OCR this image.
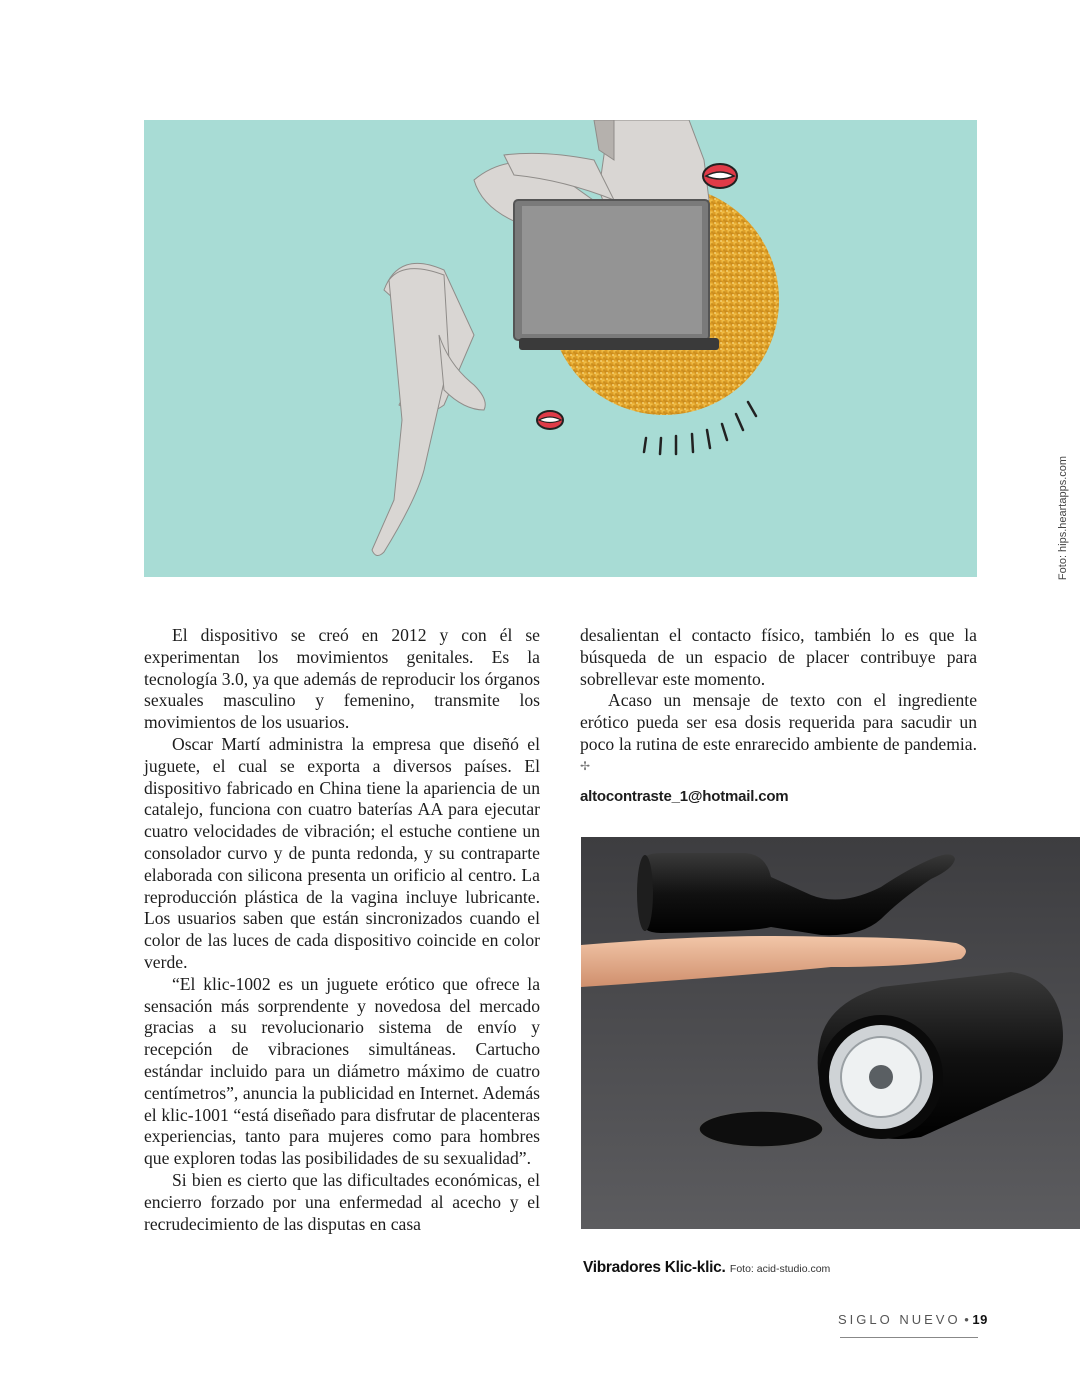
Foto: hips.heartapps.com

El dispositivo se creó en 2012 y con él se experimentan los movimientos genitales. Es la tecnología 3.0, ya que además de reproducir los órganos sexuales masculino y femenino, transmite los movimientos de los usuarios.

Oscar Martí administra la empresa que diseñó el juguete, el cual se exporta a diversos países. El dispositivo fabricado en China tiene la apariencia de un catalejo, funciona con cuatro baterías AA para ejecutar cuatro velocidades de vibración; el estuche contiene un consolador curvo y de punta redonda, y su contraparte elaborada con silicona presenta un orificio al centro. La reproducción plástica de la vagina incluye lubricante. Los usuarios saben que están sincronizados cuando el color de las luces de cada dispositivo coincide en color verde.

“El klic-1002 es un juguete erótico que ofrece la sensación más sorprendente y novedosa del mercado gracias a su revolucionario sistema de envío y recepción de vibraciones simultáneas. Cartucho estándar incluido para un diámetro máximo de cuatro centímetros”, anuncia la publicidad en Internet. Además el klic-1001 “está diseñado para disfrutar de placenteras experiencias, tanto para mujeres como para hombres que exploren todas las posibilidades de su sexualidad”.

Si bien es cierto que las dificultades económicas, el encierro forzado por una enfermedad al acecho y el recrudecimiento de las disputas en casa

desalientan el contacto físico, también lo es que la búsqueda de un espacio de placer contribuye para sobrellevar este momento.

Acaso un mensaje de texto con el ingrediente erótico pueda ser esa dosis requerida para sacudir un poco la rutina de este enrarecido ambiente de pandemia. ✢

altocontraste_1@hotmail.com
Vibradores Klic-klic. Foto: acid-studio.com
SIGLO NUEVO • 19
